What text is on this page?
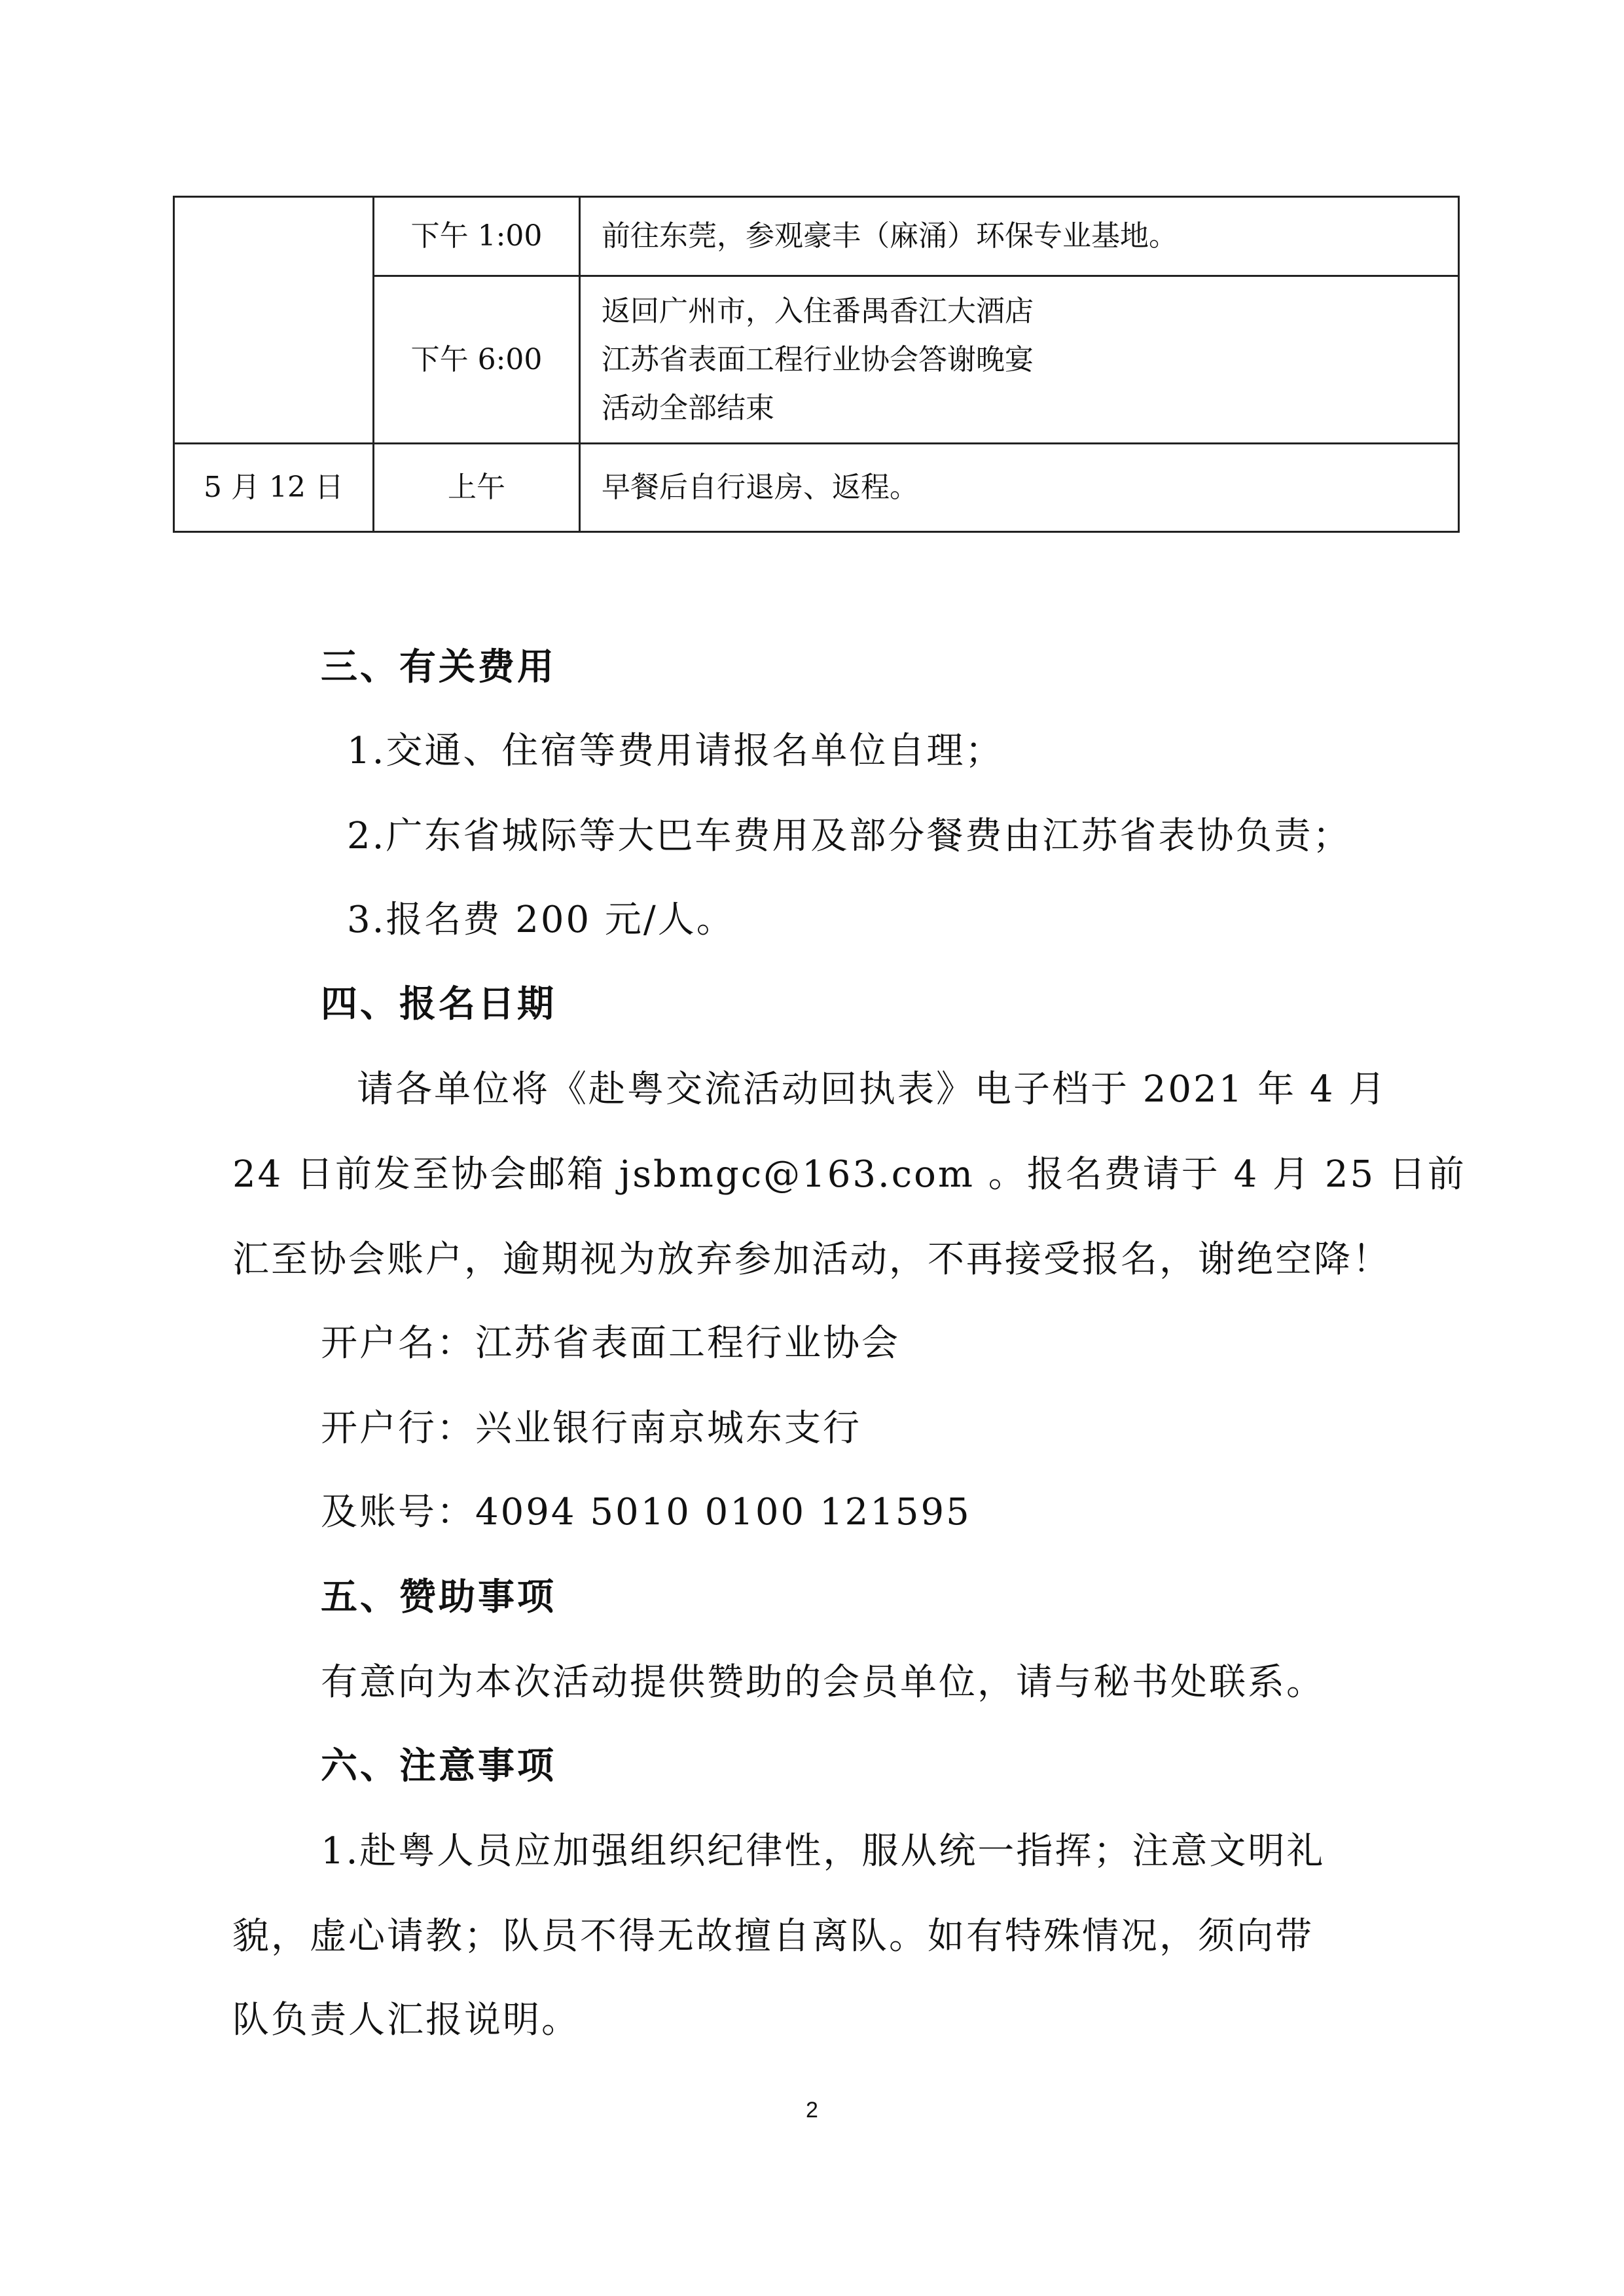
	下午 1:00	前往东莞，参观豪丰（麻涌）环保专业基地。

	下午 6:00	返回广州市，入住番禺香江大酒店
江苏省表面工程行业协会答谢晚宴
活动全部结束

5 月 12 日	上午	早餐后自行退房、返程。
三、有关费用
1.交通、住宿等费用请报名单位自理；
2.广东省城际等大巴车费用及部分餐费由江苏省表协负责；
3.报名费 200 元/人。
四、报名日期
请各单位将《赴粤交流活动回执表》电子档于 2021 年 4 月
24 日前发至协会邮箱 jsbmgc@163.com 。报名费请于 4 月 25 日前
汇至协会账户，逾期视为放弃参加活动，不再接受报名，谢绝空降！
开户名：江苏省表面工程行业协会
开户行：兴业银行南京城东支行
及账号：4094 5010 0100 121595
五、赞助事项
有意向为本次活动提供赞助的会员单位，请与秘书处联系。
六、注意事项
1.赴粤人员应加强组织纪律性，服从统一指挥；注意文明礼
貌，虚心请教；队员不得无故擅自离队。如有特殊情况，须向带
队负责人汇报说明。
2
